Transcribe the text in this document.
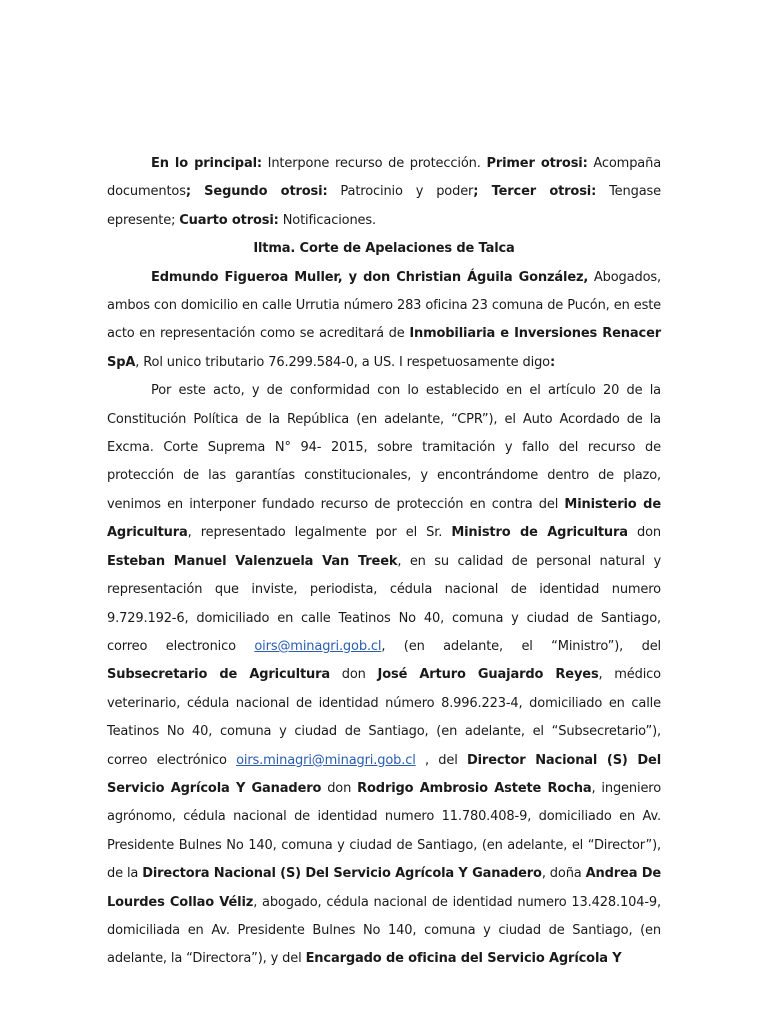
En lo principal: Interpone recurso de protección. Primer otrosi: Acompaña documentos; Segundo otrosi: Patrocinio y poder; Tercer otrosi: Tengase epresente; Cuarto otrosi: Notificaciones.

Iltma. Corte de Apelaciones de Talca

Edmundo Figueroa Muller, y don Christian Águila González, Abogados, ambos con domicilio en calle Urrutia número 283 oficina 23 comuna de Pucón, en este acto en representación como se acreditará de Inmobiliaria e Inversiones Renacer SpA, Rol unico tributario 76.299.584-0, a US. I respetuosamente digo:

Por este acto, y de conformidad con lo establecido en el artículo 20 de la Constitución Política de la República (en adelante, “CPR”), el Auto Acordado de la Excma. Corte Suprema N° 94- 2015, sobre tramitación y fallo del recurso de protección de las garantías constitucionales, y encontrándome dentro de plazo, venimos en interponer fundado recurso de protección en contra del Ministerio de Agricultura, representado legalmente por el Sr. Ministro de Agricultura don Esteban Manuel Valenzuela Van Treek, en su calidad de personal natural y representación que inviste, periodista, cédula nacional de identidad numero 9.729.192-6, domiciliado en calle Teatinos No 40, comuna y ciudad de Santiago, correo electronico oirs@minagri.gob.cl, (en adelante, el “Ministro”), del Subsecretario de Agricultura don José Arturo Guajardo Reyes, médico veterinario, cédula nacional de identidad número 8.996.223-4, domiciliado en calle Teatinos No 40, comuna y ciudad de Santiago, (en adelante, el “Subsecretario”), correo electrónico oirs.minagri@minagri.gob.cl , del Director Nacional (S) Del Servicio Agrícola Y Ganadero don Rodrigo Ambrosio Astete Rocha, ingeniero agrónomo, cédula nacional de identidad numero 11.780.408-9, domiciliado en Av. Presidente Bulnes No 140, comuna y ciudad de Santiago, (en adelante, el “Director”), de la Directora Nacional (S) Del Servicio Agrícola Y Ganadero, doña Andrea De Lourdes Collao Véliz, abogado, cédula nacional de identidad numero 13.428.104-9, domiciliada en Av. Presidente Bulnes No 140, comuna y ciudad de Santiago, (en adelante, la “Directora”), y del Encargado de oficina del Servicio Agrícola Y
